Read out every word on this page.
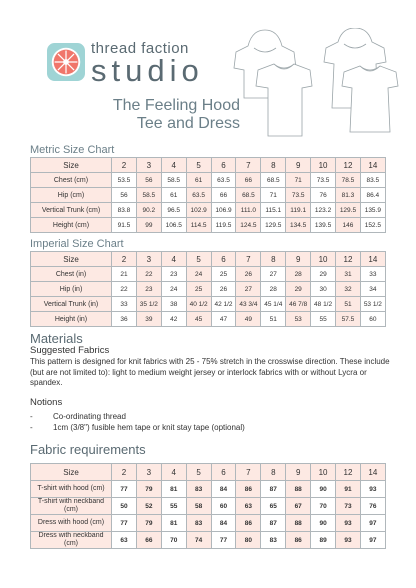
thread faction
studio
The Feeling Hood
Tee and Dress
Metric Size Chart
Size	2	3	4	5	6	7	8	9	10	12	14
Chest (cm)	53.5	56	58.5	61	63.5	66	68.5	71	73.5	78.5	83.5
Hip (cm)	56	58.5	61	63.5	66	68.5	71	73.5	76	81.3	86.4
Vertical Trunk (cm)	83.8	90.2	96.5	102.9	106.9	111.0	115.1	119.1	123.2	129.5	135.9
Height (cm)	91.5	99	106.5	114.5	119.5	124.5	129.5	134.5	139.5	146	152.5
Imperial Size Chart
Size	2	3	4	5	6	7	8	9	10	12	14
Chest (in)	21	22	23	24	25	26	27	28	29	31	33
Hip (in)	22	23	24	25	26	27	28	29	30	32	34
Vertical Trunk (in)	33	35 1/2	38	40 1/2	42 1/2	43 3/4	45 1/4	46 7/8	48 1/2	51	53 1/2
Height (in)	36	39	42	45	47	49	51	53	55	57.5	60
Materials
Suggested Fabrics
This pattern is designed for knit fabrics with 25 - 75% stretch in the crosswise direction. These include (but are not limited to): light to medium weight jersey or interlock fabrics with or without Lycra or spandex.
Notions
-	Co-ordinating thread
-	1cm (3/8") fusible hem tape or knit stay tape (optional)
Fabric requirements
Size	2	3	4	5	6	7	8	9	10	12	14
T-shirt with hood (cm)	77	79	81	83	84	86	87	88	90	91	93
T-shirt with neckband (cm)	50	52	55	58	60	63	65	67	70	73	76
Dress with hood (cm)	77	79	81	83	84	86	87	88	90	93	97
Dress with neckband (cm)	63	66	70	74	77	80	83	86	89	93	97
